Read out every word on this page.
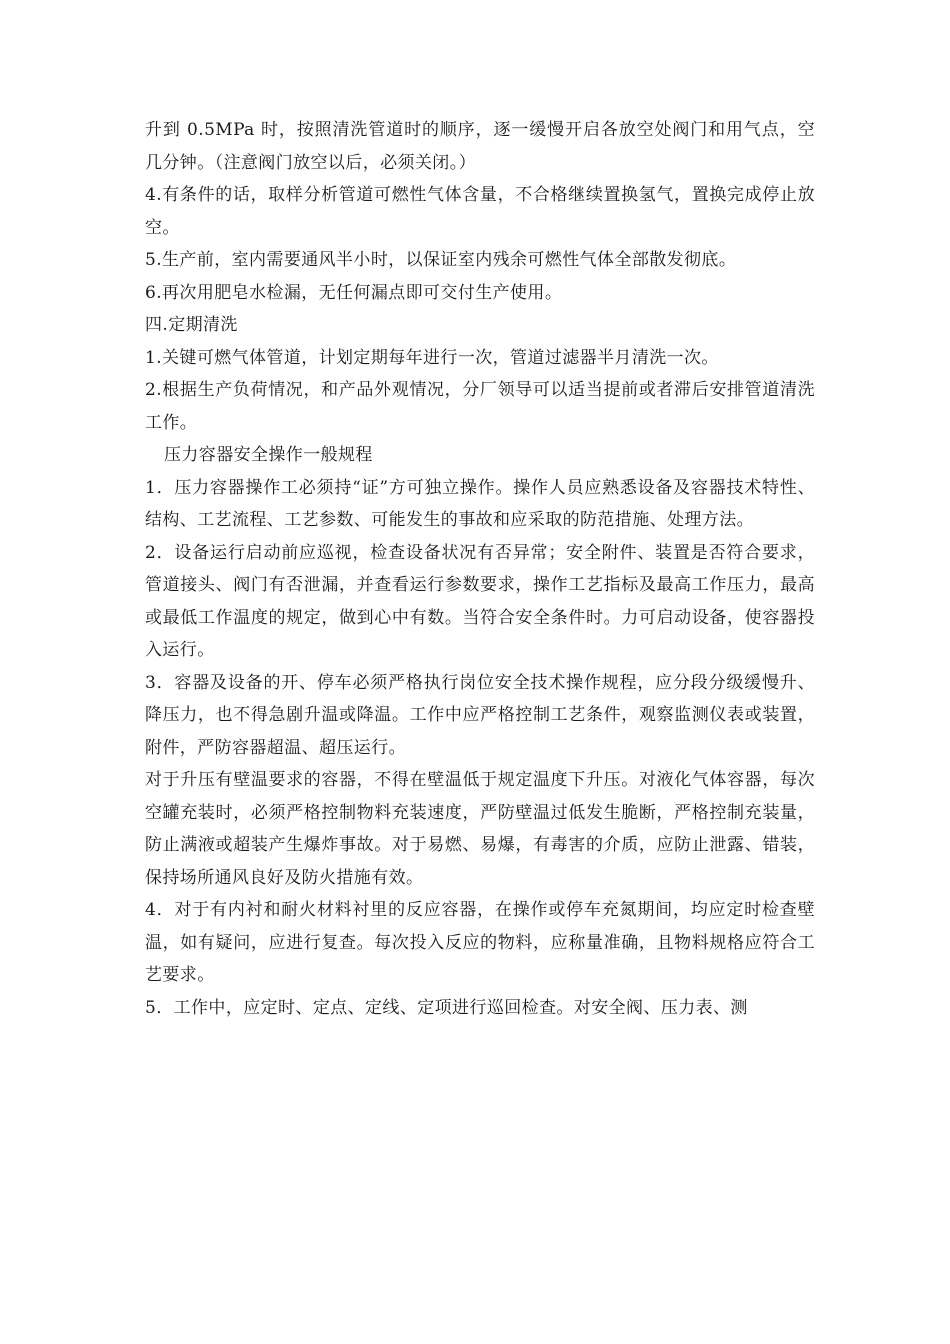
升到 0.5MPa 时，按照清洗管道时的顺序，逐一缓慢开启各放空处阀门和用气点，空几分钟。（注意阀门放空以后，必须关闭。）

4.有条件的话，取样分析管道可燃性气体含量，不合格继续置换氢气，置换完成停止放空。

5.生产前，室内需要通风半小时，以保证室内残余可燃性气体全部散发彻底。

6.再次用肥皂水检漏，无任何漏点即可交付生产使用。

四.定期清洗

1.关键可燃气体管道，计划定期每年进行一次，管道过滤器半月清洗一次。

2.根据生产负荷情况，和产品外观情况，分厂领导可以适当提前或者滞后安排管道清洗工作。

压力容器安全操作一般规程

1．压力容器操作工必须持“证”方可独立操作。操作人员应熟悉设备及容器技术特性、结构、工艺流程、工艺参数、可能发生的事故和应采取的防范措施、处理方法。

2．设备运行启动前应巡视，检查设备状况有否异常；安全附件、装置是否符合要求，管道接头、阀门有否泄漏，并查看运行参数要求，操作工艺指标及最高工作压力，最高或最低工作温度的规定，做到心中有数。当符合安全条件时。力可启动设备，使容器投入运行。

3．容器及设备的开、停车必须严格执行岗位安全技术操作规程，应分段分级缓慢升、降压力，也不得急剧升温或降温。工作中应严格控制工艺条件，观察监测仪表或装置，附件，严防容器超温、超压运行。

对于升压有壁温要求的容器，不得在壁温低于规定温度下升压。对液化气体容器，每次空罐充装时，必须严格控制物料充装速度，严防壁温过低发生脆断，严格控制充装量，防止满液或超装产生爆炸事故。对于易燃、易爆，有毒害的介质，应防止泄露、错装，保持场所通风良好及防火措施有效。

4．对于有内衬和耐火材料衬里的反应容器，在操作或停车充氮期间，均应定时检查壁温，如有疑问，应进行复查。每次投入反应的物料，应称量准确，且物料规格应符合工艺要求。

5．工作中，应定时、定点、定线、定项进行巡回检查。对安全阀、压力表、测
